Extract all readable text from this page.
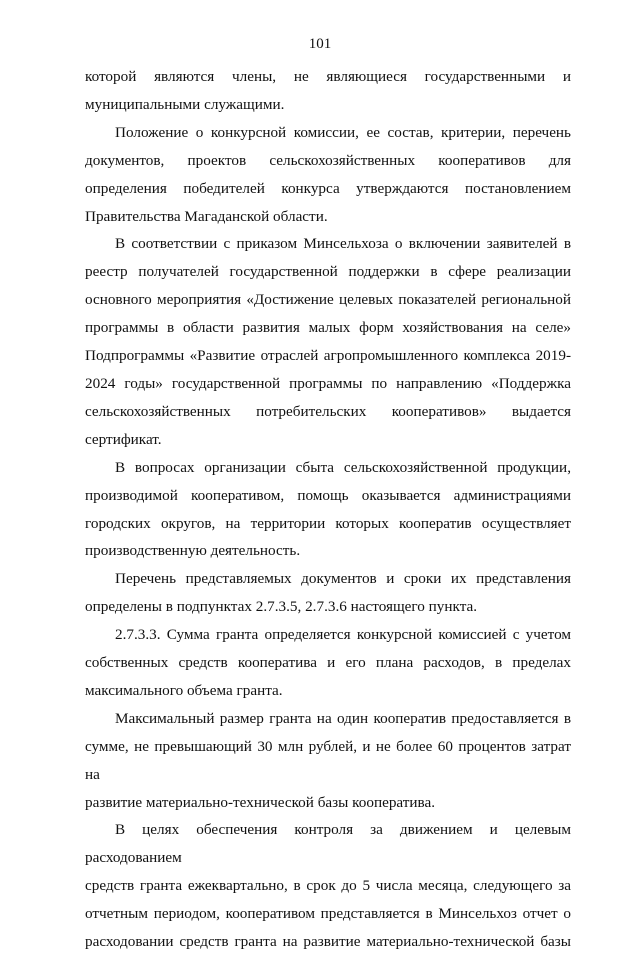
101

которой являются члены, не являющиеся государственными и

муниципальными служащими.

Положение о конкурсной комиссии, ее состав, критерии, перечень

документов, проектов сельскохозяйственных кооперативов для

определения победителей конкурса утверждаются постановлением

Правительства Магаданской области.

В соответствии с приказом Минсельхоза о включении заявителей в

реестр получателей государственной поддержки в сфере реализации

основного мероприятия «Достижение целевых показателей региональной

программы в области развития малых форм хозяйствования на селе»

Подпрограммы «Развитие отраслей агропромышленного комплекса 2019-

2024 годы» государственной программы по направлению «Поддержка

сельскохозяйственных потребительских кооперативов» выдается

сертификат.

В вопросах организации сбыта сельскохозяйственной продукции,

производимой кооперативом, помощь оказывается администрациями

городских округов, на территории которых кооператив осуществляет

производственную деятельность.

Перечень представляемых документов и сроки их представления

определены в подпунктах 2.7.3.5, 2.7.3.6 настоящего пункта.

2.7.3.3. Сумма гранта определяется конкурсной комиссией с учетом

собственных средств кооператива и его плана расходов, в пределах

максимального объема гранта.

Максимальный размер гранта на один кооператив предоставляется в

сумме, не превышающий 30 млн рублей, и не более 60 процентов затрат на

развитие материально-технической базы кооператива.

В целях обеспечения контроля за движением и целевым расходованием

средств гранта ежеквартально, в срок до 5 числа месяца, следующего за

отчетным периодом, кооперативом представляется в Минсельхоз отчет о

расходовании средств гранта на развитие материально-технической базы
